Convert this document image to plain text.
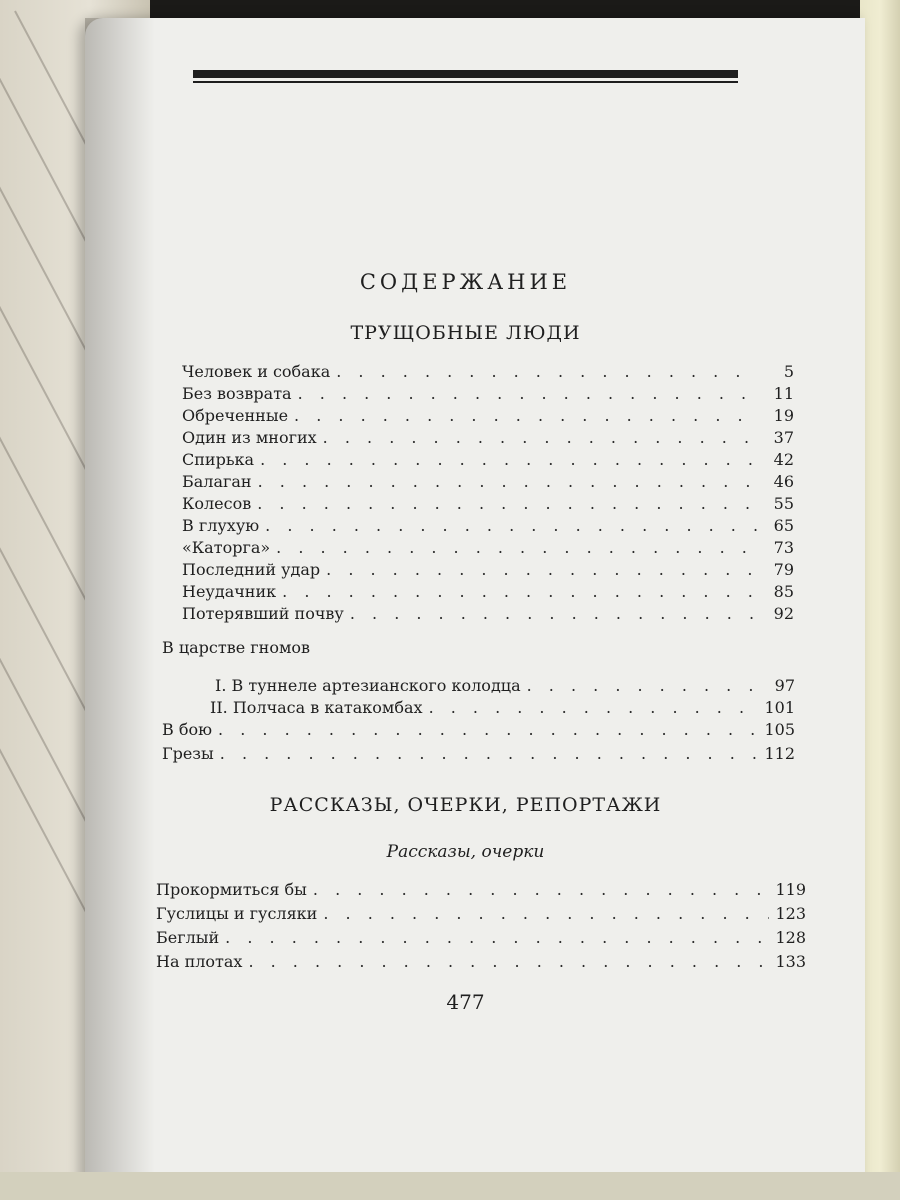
СОДЕРЖАНИЕ
ТРУЩОБНЫЕ ЛЮДИ
Человек и собака . . .	5
Без возврата . . .	11
Обреченные . . .	19
Один из многих . . .	37
Спирька . . .	42
Балаган . . .	46
Колесов . . .	55
В глухую . . .	65
«Каторга» . . .	73
Последний удар . . .	79
Неудачник . . .	85
Потерявший почву . . .	92
В царстве гномов
I. В туннеле артезианского колодца . . .	97
II. Полчаса в катакомбах . . .	101
В бою . . .	105
Грезы . . .	112
РАССКАЗЫ, ОЧЕРКИ, РЕПОРТАЖИ
Рассказы, очерки
Прокормиться бы . . .	119
Гуслицы и гусляки . . .	123
Беглый . . .	128
На плотах . . .	133
477
